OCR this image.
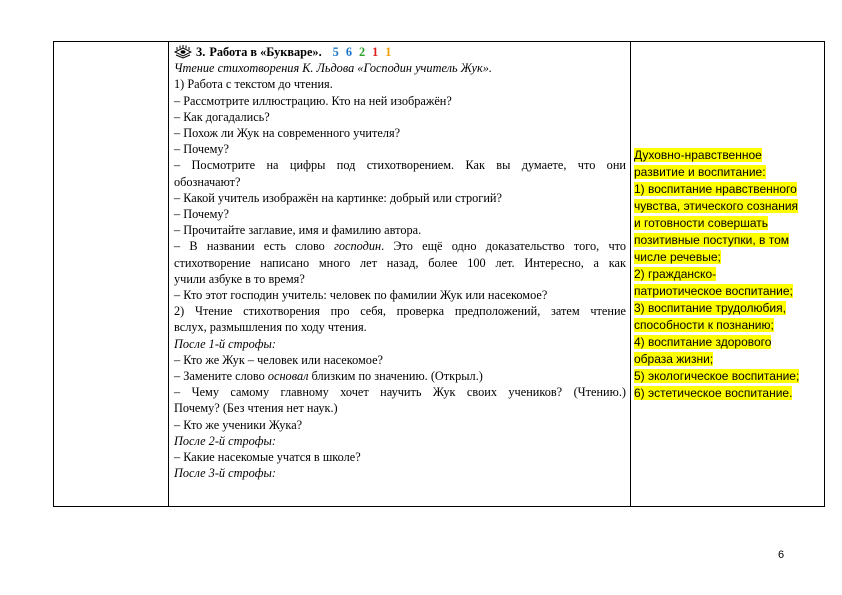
3. Работа в «Букваре». 5 6 2 1 1
Чтение стихотворения К. Льдова «Господин учитель Жук».
1) Работа с текстом до чтения.
– Рассмотрите иллюстрацию. Кто на ней изображён?
– Как догадались?
– Похож ли Жук на современного учителя?
– Почему?
– Посмотрите на цифры под стихотворением. Как вы думаете, что они
обозначают?
– Какой учитель изображён на картинке: добрый или строгий?
– Почему?
– Прочитайте заглавие, имя и фамилию автора.
– В названии есть слово господин. Это ещё одно доказательство того, что
стихотворение написано много лет назад, более 100 лет. Интересно, а как
учили азбуке в то время?
– Кто этот господин учитель: человек по фамилии Жук или насекомое?
2) Чтение стихотворения про себя, проверка предположений, затем чтение
вслух, размышления по ходу чтения.
После 1-й строфы:
– Кто же Жук – человек или насекомое?
– Замените слово основал близким по значению. (Открыл.)
– Чему самому главному хочет научить Жук своих учеников? (Чтению.)
Почему? (Без чтения нет наук.)
– Кто же ученики Жука?
После 2-й строфы:
– Какие насекомые учатся в школе?
После 3-й строфы:

Духовно-нравственное
развитие и воспитание:
1) воспитание нравственного
чувства, этического сознания
и готовности совершать
позитивные поступки, в том
числе речевые;
2) гражданско-
патриотическое воспитание;
3) воспитание трудолюбия,
способности к познанию;
4) воспитание здорового
образа жизни;
5) экологическое воспитание;
6) эстетическое воспитание.
6
